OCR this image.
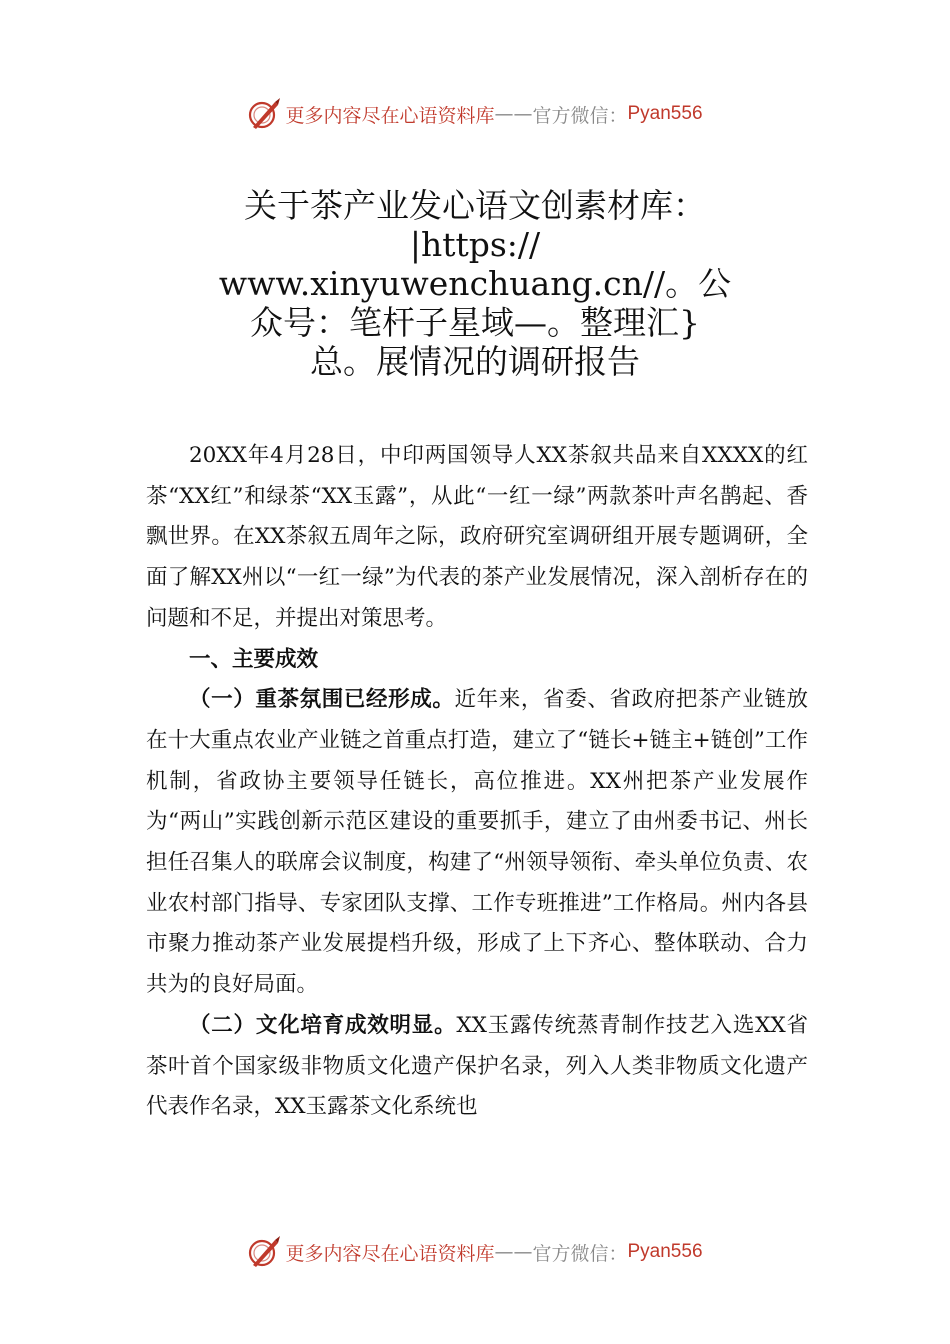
更多内容尽在心语资料库 —— 官方微信： Pyan556
关于茶产业发心语文创素材库：
|https://
www.xinyuwenchuang.cn//。公
众号：笔杆子星域—。整理汇}
总。展情况的调研报告

20XX年4月28日，中印两国领导人XX茶叙共品来自XXXX的红茶“XX红”和绿茶“XX玉露”，从此“一红一绿”两款茶叶声名鹊起、香飘世界。在XX茶叙五周年之际，政府研究室调研组开展专题调研，全面了解XX州以“一红一绿”为代表的茶产业发展情况，深入剖析存在的问题和不足，并提出对策思考。

一、主要成效

（一）重茶氛围已经形成。近年来，省委、省政府把茶产业链放在十大重点农业产业链之首重点打造，建立了“链长+链主+链创”工作机制，省政协主要领导任链长，高位推进。XX州把茶产业发展作为“两山”实践创新示范区建设的重要抓手，建立了由州委书记、州长担任召集人的联席会议制度，构建了“州领导领衔、牵头单位负责、农业农村部门指导、专家团队支撑、工作专班推进”工作格局。州内各县市聚力推动茶产业发展提档升级，形成了上下齐心、整体联动、合力共为的良好局面。

（二）文化培育成效明显。XX玉露传统蒸青制作技艺入选XX省茶叶首个国家级非物质文化遗产保护名录，列入人类非物质文化遗产代表作名录，XX玉露茶文化系统也

更多内容尽在心语资料库 —— 官方微信： Pyan556
